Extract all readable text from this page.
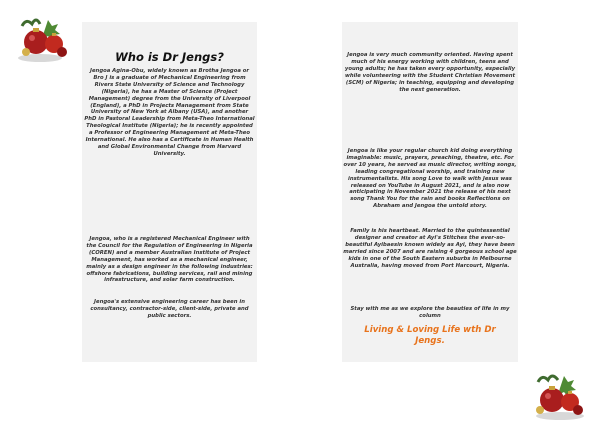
Who is Dr Jengs?

Jengoa Agina-Obu, widely known as Brotha Jengoa or Bro J is a graduate of Mechanical Engineering from Rivers State University of Science and Technology (Nigeria), he has a Master of Science (Project Management) degree from the University of Liverpool (England), a PhD in Projects Management from State University of New York at Albany (USA), and another PhD in Pastoral Leadership from Meta-Theo International Theological Institute (Nigeria); he is recently appointed a Professor of Engineering Management at Meta-Theo International. He also has a Certificate in Human Health and Global Environmental Change from Harvard University.

Jengoa, who is a registered Mechanical Engineer with the Council for the Regulation of Engineering in Nigeria (COREN) and a member Australian Institute of Project Management, has worked as a mechanical engineer, mainly as a design engineer in the following industries: offshore fabrications, building services, rail and mining infrastructure, and solar farm construction.

Jengoa's extensive engineering career has been in consultancy, contractor-side, client-side, private and public sectors.

Jengoa is very much community oriented. Having spent much of his energy working with children, teens and young adults; he has taken every opportunity, especially while volunteering with the Student Christian Movement (SCM) of Nigeria; in teaching, equipping and developing the next generation.

Jengoa is like your regular church kid doing everything imaginable: music, prayers, preaching, theatre, etc. For over 10 years, he served as music director, writing songs, leading congregational worship, and training new instrumentalists. His song Love to walk with Jesus was released on YouTube in August 2021, and is also now anticipating in November 2021 the release of his next song Thank You for the rain and books Reflections on Abraham and Jengoa the untold story.

Family is his heartbeat. Married to the quintessential designer and creator at Ayi's Stitches the ever-so-beautiful Ayibaesin known widely as Ayi, they have been married since 2007 and are raising 4 gorgeous school age kids in one of the South Eastern suburbs in Melbourne Australia, having moved from Port Harcourt, Nigeria.

Stay with me as we explore the beauties of life in my column

Living & Loving Life wth Dr
Jengs.
